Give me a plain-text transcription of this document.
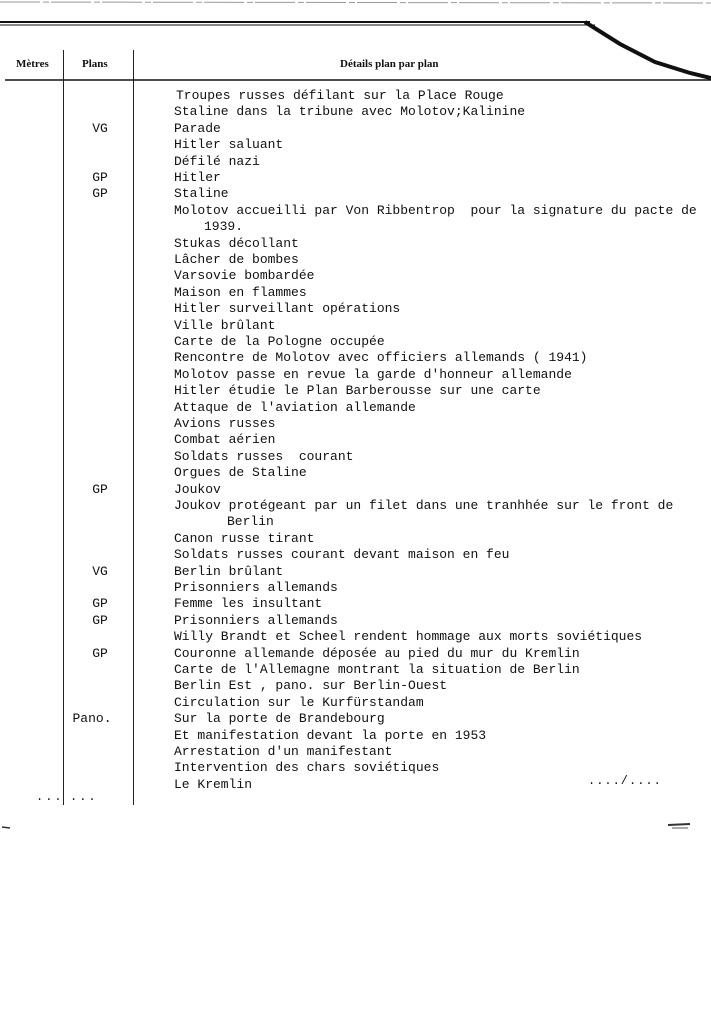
Mètres	Plans	Détails plan par plan
Troupes russes défilant sur la Place Rouge
Staline dans la tribune avec Molotov;Kalinine
VG	Parade
Hitler saluant
Défilé nazi
GP	Hitler
GP	Staline
Molotov accueilli par Von Ribbentrop  pour la signature du pacte de
1939.
Stukas décollant
Lâcher de bombes
Varsovie bombardée
Maison en flammes
Hitler surveillant opérations
Ville brûlant
Carte de la Pologne occupée
Rencontre de Molotov avec officiers allemands ( 1941)
Molotov passe en revue la garde d'honneur allemande
Hitler étudie le Plan Barberousse sur une carte
Attaque de l'aviation allemande
Avions russes
Combat aérien
Soldats russes  courant
Orgues de Staline
GP	Joukov
Joukov protégeant par un filet dans une tranhhée sur le front de
Berlin
Canon russe tirant
Soldats russes courant devant maison en feu
VG	Berlin brûlant
Prisonniers allemands
GP	Femme les insultant
GP	Prisonniers allemands
Willy Brandt et Scheel rendent hommage aux morts soviétiques
GP	Couronne allemande déposée au pied du mur du Kremlin
Carte de l'Allemagne montrant la situation de Berlin
Berlin Est , pano. sur Berlin-Ouest
Circulation sur le Kurfürstandam
Pano.	Sur la porte de Brandebourg
Et manifestation devant la porte en 1953
Arrestation d'un manifestant
Intervention des chars soviétiques
Le Kremlin	..../....
... ...
